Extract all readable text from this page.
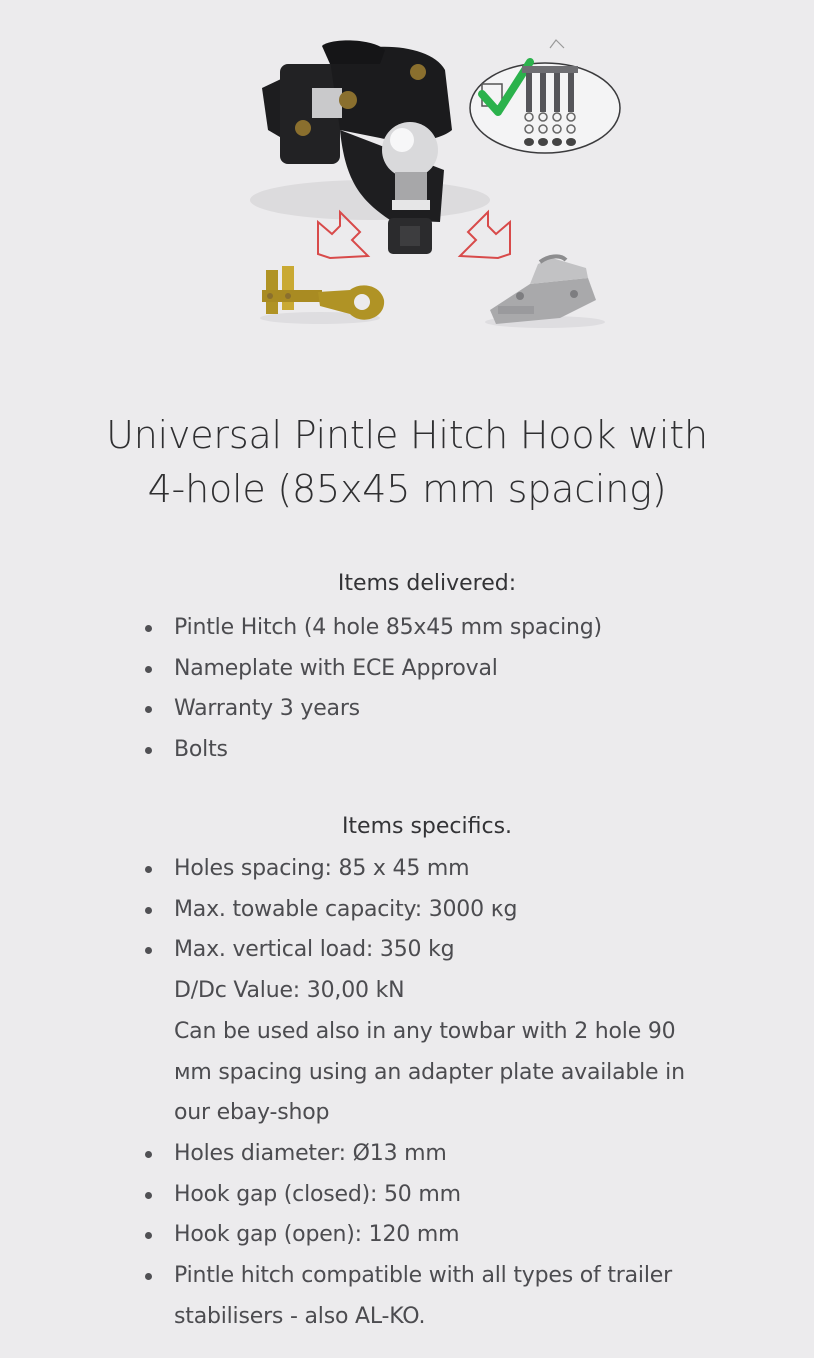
Universal Pintle Hitch Hook with
4-hole (85x45 mm spacing)
Items delivered:
Pintle Hitch (4 hole 85x45 mm spacing)
Nameplate with ECE Approval
Warranty 3 years
Bolts
Items specifics.
Holes spacing: 85 x 45 mm
Max. towable capacity: 3000 κg
Max. vertical load: 350 kg
D/Dc Value: 30,00 kN
Can be used also in any towbar with 2 hole 90
мm spacing using an adapter plate available in
our ebay-shop
Holes diameter: Ø13 mm
Hook gap (closed): 50 mm
Hook gap (open): 120 mm
Pintle hitch compatible with all types of trailer
stabilisers - also AL-KO.
